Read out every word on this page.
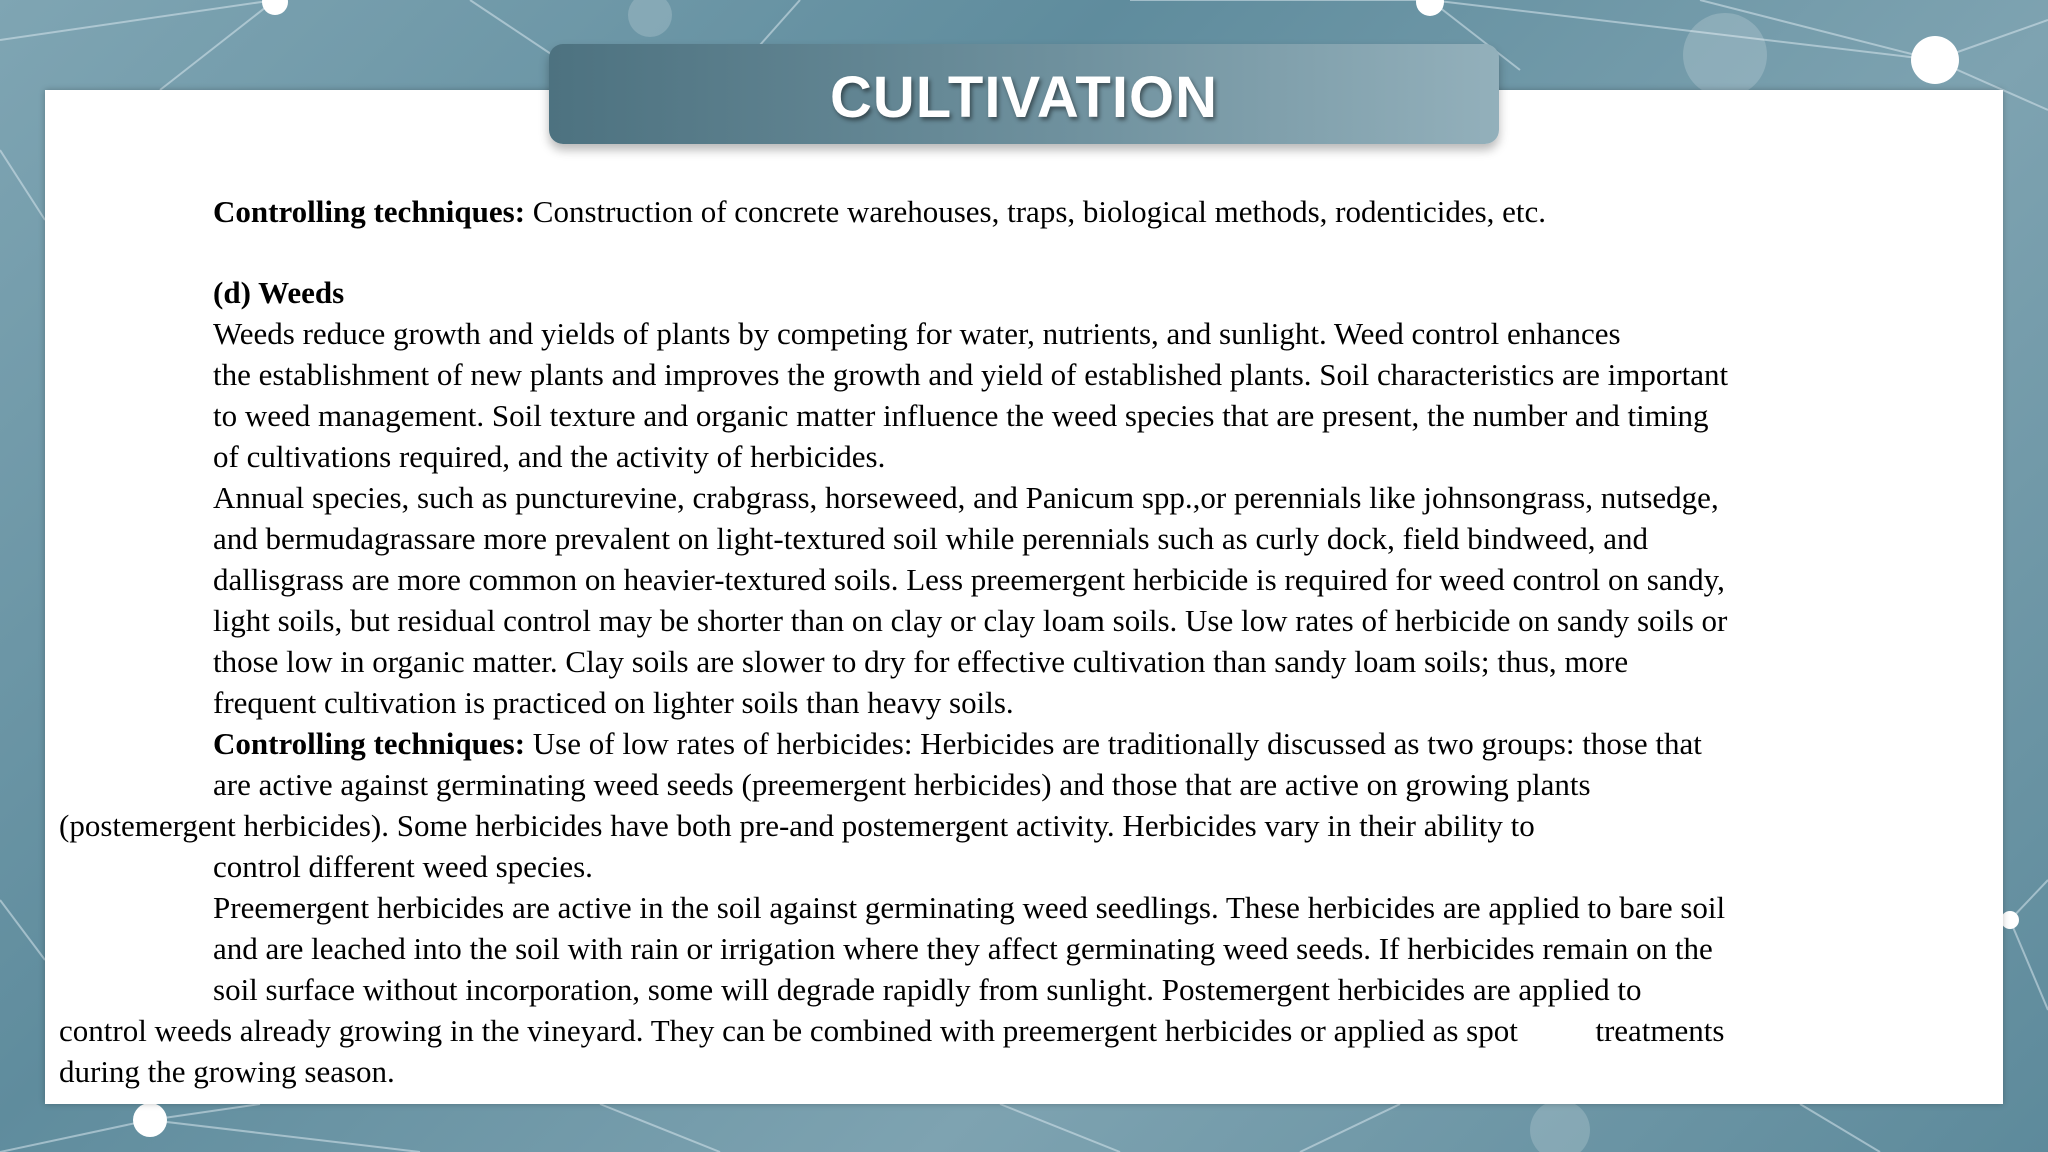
CULTIVATION
Controlling techniques: Construction of concrete warehouses, traps, biological methods, rodenticides, etc.
(d) Weeds
Weeds reduce growth and yields of plants by competing for water, nutrients, and sunlight. Weed control enhances
the establishment of new plants and improves the growth and yield of established plants. Soil characteristics are important
to weed management. Soil texture and organic matter influence the weed species that are present, the number and timing
of cultivations required, and the activity of herbicides.
Annual species, such as puncturevine, crabgrass, horseweed, and Panicum spp.,or perennials like johnsongrass, nutsedge,
and bermudagrassare more prevalent on light-textured soil while perennials such as curly dock, field bindweed, and
dallisgrass are more common on heavier-textured soils. Less preemergent herbicide is required for weed control on sandy,
light soils, but residual control may be shorter than on clay or clay loam soils. Use low rates of herbicide on sandy soils or
those low in organic matter. Clay soils are slower to dry for effective cultivation than sandy loam soils; thus, more
frequent cultivation is practiced on lighter soils than heavy soils.
Controlling techniques: Use of low rates of herbicides: Herbicides are traditionally discussed as two groups: those that
are active against germinating weed seeds (preemergent herbicides) and those that are active on growing plants
(postemergent herbicides). Some herbicides have both pre-and postemergent activity. Herbicides vary in their ability to
control different weed species.
Preemergent herbicides are active in the soil against germinating weed seedlings. These herbicides are applied to bare soil
and are leached into the soil with rain or irrigation where they affect germinating weed seeds. If herbicides remain on the
soil surface without incorporation, some will degrade rapidly from sunlight. Postemergent herbicides are applied to
control weeds already growing in the vineyard. They can be combined with preemergent herbicides or applied as spot          treatments
during the growing season.
